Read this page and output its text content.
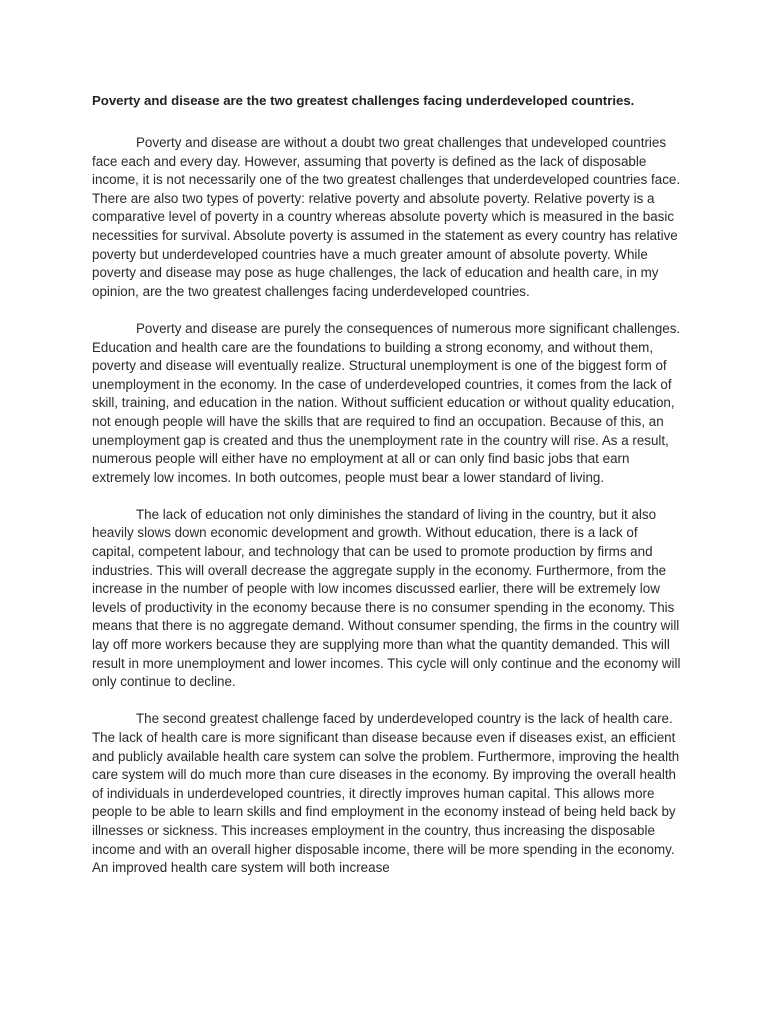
Poverty and disease are the two greatest challenges facing underdeveloped countries.

Poverty and disease are without a doubt two great challenges that undeveloped countries face each and every day. However, assuming that poverty is defined as the lack of disposable income, it is not necessarily one of the two greatest challenges that underdeveloped countries face. There are also two types of poverty: relative poverty and absolute poverty. Relative poverty is a comparative level of poverty in a country whereas absolute poverty which is measured in the basic necessities for survival. Absolute poverty is assumed in the statement as every country has relative poverty but underdeveloped countries have a much greater amount of absolute poverty. While poverty and disease may pose as huge challenges, the lack of education and health care, in my opinion, are the two greatest challenges facing underdeveloped countries.

Poverty and disease are purely the consequences of numerous more significant challenges. Education and health care are the foundations to building a strong economy, and without them, poverty and disease will eventually realize. Structural unemployment is one of the biggest form of unemployment in the economy. In the case of underdeveloped countries, it comes from the lack of skill, training, and education in the nation. Without sufficient education or without quality education, not enough people will have the skills that are required to find an occupation. Because of this, an unemployment gap is created and thus the unemployment rate in the country will rise. As a result, numerous people will either have no employment at all or can only find basic jobs that earn extremely low incomes. In both outcomes, people must bear a lower standard of living.

The lack of education not only diminishes the standard of living in the country, but it also heavily slows down economic development and growth. Without education, there is a lack of capital, competent labour, and technology that can be used to promote production by firms and industries. This will overall decrease the aggregate supply in the economy. Furthermore, from the increase in the number of people with low incomes discussed earlier, there will be extremely low levels of productivity in the economy because there is no consumer spending in the economy. This means that there is no aggregate demand. Without consumer spending, the firms in the country will lay off more workers because they are supplying more than what the quantity demanded. This will result in more unemployment and lower incomes. This cycle will only continue and the economy will only continue to decline.

The second greatest challenge faced by underdeveloped country is the lack of health care. The lack of health care is more significant than disease because even if diseases exist, an efficient and publicly available health care system can solve the problem. Furthermore, improving the health care system will do much more than cure diseases in the economy. By improving the overall health of individuals in underdeveloped countries, it directly improves human capital. This allows more people to be able to learn skills and find employment in the economy instead of being held back by illnesses or sickness. This increases employment in the country, thus increasing the disposable income and with an overall higher disposable income, there will be more spending in the economy. An improved health care system will both increase
